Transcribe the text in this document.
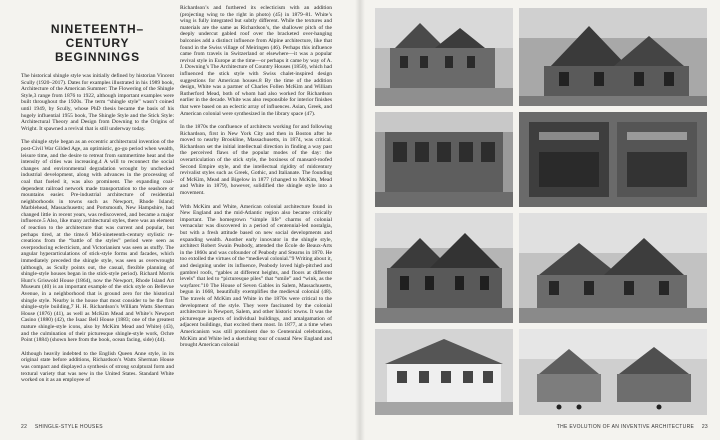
NINETEENTH–CENTURY
BEGINNINGS

The historical shingle style was initially defined by historian Vincent Scully (1920–2017). Dates for examples illustrated in his 1989 book, Architecture of the American Summer: The Flowering of the Shingle Style,3 range from 1876 to 1922, although important examples were built throughout the 1920s. The term “shingle style” wasn’t coined until 1949, by Scully, whose PhD thesis became the basis of his hugely influential 1955 book, The Shingle Style and the Stick Style: Architectural Theory and Design from Downing to the Origins of Wright. It spawned a revival that is still underway today.

The shingle style began as an eccentric architectural invention of the post-Civil War Gilded Age, an optimistic, go-go period when wealth, leisure time, and the desire to retreat from summertime heat and the intensity of cities was increasing.4 A will to reconnect the social changes and environmental degradation wrought by unchecked industrial development, along with advances in the processing of coal that fueled it, was also prominent. The expanding coal-dependent railroad network made transportation to the seashore or mountains easier. Pre-industrial architecture of residential neighborhoods in towns such as Newport, Rhode Island; Marblehead, Massachusetts; and Portsmouth, New Hampshire, had changed little in recent years, was rediscovered, and became a major influence.5 Also, like many architectural styles, there was an element of reaction to the architecture that was current and popular, but perhaps tired, at the time.6 Mid-nineteenth-century stylistic re-creations from the “battle of the styles” period were seen as overproducing eclecticism, and Victorianism was seen as stuffy. The angular hyperarticulations of stick-style forms and facades, which immediately preceded the shingle style, was seen as overwrought (although, as Scully points out, the casual, flexible planning of shingle-style houses began in the stick-style period). Richard Morris Hunt’s Griswold House (1864), now the Newport, Rhode Island Art Museum (40) is an important example of the stick style on Bellevue Avenue, in a neighborhood that is ground zero for the historical shingle style. Nearby is the house that most consider to be the first shingle-style building,7 H. H. Richardson’s William Watts Sherman House (1876) (41), as well as McKim Mead and White’s Newport Casino (1880) (42), the Isaac Bell House (1883; one of the greatest mature shingle-style icons, also by McKim Mead and White) (43), and the culmination of their picturesque shingle-style work, Ochre Point (1884) (shown here from the book, ocean facing, side) (44).

Although heavily indebted to the English Queen Anne style, in its original state before additions, Richardson’s Watts Sherman House was compact and displayed a synthesis of strong sculptural form and textural variety that was new in the United States. Standard White worked on it as an employee of

Richardson’s and furthered its eclecticism with an addition (projecting wing to the right in photo) (45) in 1879–81. White’s wing is fully integrated but subtly different. While the textures and materials are the same as Richardson’s, the shallower pitch of the deeply undercut gabled roof over the bracketed over-hanging balconies add a distinct influence from Alpine architecture, like that found in the Swiss village of Meiringen (46). Perhaps this influence came from travels in Switzerland or elsewhere—it was a popular revival style in Europe at the time—or perhaps it came by way of A. J. Downing’s The Architecture of Country Houses (1850), which had influenced the stick style with Swiss chalet-inspired design suggestions for American houses.8 By the time of the addition design, White was a partner of Charles Follen McKim and William Rutherford Mead, both of whom had also worked for Richardson earlier in the decade. White was also responsible for interior finishes that were based on an eclectic array of influences. Asian, Greek, and American colonial were synthesized in the library space (47).

In the 1870s the confluence of architects working for and following Richardson, first in New York City and then in Boston after he moved to nearby Brookline, Massachusetts, in 1874, was critical. Richardson set the initial intellectual direction in finding a way past the perceived flaws of the popular modes of the day: the overarticulation of the stick style, the boxiness of mansard-roofed Second Empire style, and the intellectual rigidity of midcentury revivalist styles such as Greek, Gothic, and Italianate. The founding of McKim, Mead and Bigelow in 1877 (changed to McKim, Mead and White in 1879), however, solidified the shingle style into a movement.

With McKim and White, American colonial architecture found in New England and the mid-Atlantic region also became critically important. The homegrown “simple life” charms of colonial vernacular was discovered in a period of centennial-led nostalgia, but with a fresh attitude based on new social developments and expanding wealth. Another early innovator in the shingle style, architect Robert Swain Peabody, attended the École de Beaux-Arts in the 1860s and was cofounder of Peabody and Stearns in 1870. He too extolled the virtues of the “medieval colonial.”9 Writing about it, and designing under its influence, Peabody loved high-pitched and gambrel roofs, “gables at different heights, and floors at different levels” that led to “picturesque piles” that “smile” and “wink, as the wayfarer.”10 The House of Seven Gables in Salem, Massachusetts, begun in 1668, beautifully exemplifies the medieval colonial (48). The travels of McKim and White in the 1870s were critical to the development of the style. They were fascinated by the colonial architecture in Newport, Salem, and other historic towns. It was the picturesque aspects of individual buildings, and amalgamation of adjacent buildings, that excited them most. In 1877, at a time when Americanism was still prominent due to Centennial celebrations, McKim and White led a sketching tour of coastal New England and brought American colonial

22 SHINGLE-STYLE HOUSES	THE EVOLUTION OF AN INVENTIVE ARCHITECTURE 23
